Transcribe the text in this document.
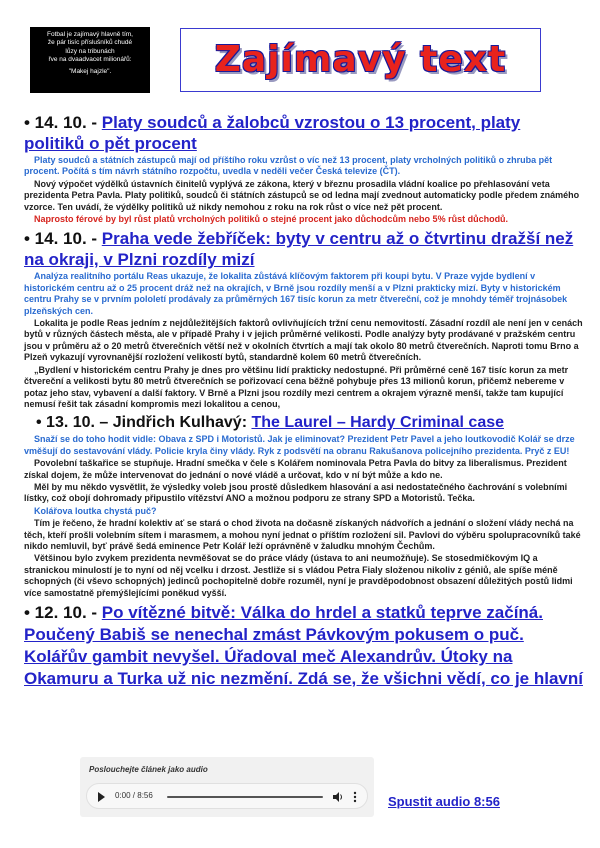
Fotbal je zajímavý hlavně tím,
že pár tisíc příslušníků chudé
lůzy na tribunách
řve na dvaadvacet milionářů:
"Makej hajzle".	Zajímavý text

• 14. 10. - Platy soudců a žalobců vzrostou o 13 procent, platy politiků o pět procent

Platy soudců a státních zástupců mají od příštího roku vzrůst o víc než 13 procent, platy vrcholných politiků o zhruba pět procent. Počítá s tím návrh státního rozpočtu, uvedla v neděli večer Česká televize (ČT).

Nový výpočet výdělků ústavních činitelů vyplývá ze zákona, který v březnu prosadila vládní koalice po přehlasování veta prezidenta Petra Pavla. Platy politiků, soudců či státních zástupců se od ledna mají zvednout automaticky podle předem známého vzorce. Ten uvádí, že výdělky politiků už nikdy nemohou z roku na rok růst o více než pět procent.

Naprosto férové by byl růst platů vrcholných politiků o stejné procent jako důchodcům nebo 5% růst důchodů.

• 14. 10. - Praha vede žebříček: byty v centru až o čtvrtinu dražší než na okraji, v Plzni rozdíly mizí

Analýza realitního portálu Reas ukazuje, že lokalita zůstává klíčovým faktorem při koupi bytu. V Praze vyjde bydlení v historickém centru až o 25 procent dráž než na okrajích, v Brně jsou rozdíly menší a v Plzni prakticky mizí. Byty v historickém centru Prahy se v prvním pololetí prodávaly za průměrných 167 tisíc korun za metr čtvereční, což je mnohdy téměř trojnásobek plzeňských cen.

Lokalita je podle Reas jedním z nejdůležitějších faktorů ovlivňujících tržní cenu nemovitostí. Zásadní rozdíl ale není jen v cenách bytů v různých částech města, ale v případě Prahy i v jejich průměrné velikosti. Podle analýzy byty prodávané v pražském centru jsou v průměru až o 20 metrů čtverečních větší než v okolních čtvrtích a mají tak okolo 80 metrů čtverečních. Naproti tomu Brno a Plzeň vykazují vyrovnanější rozložení velikostí bytů, standardně kolem 60 metrů čtverečních.

„Bydlení v historickém centru Prahy je dnes pro většinu lidí prakticky nedostupné. Při průměrné ceně 167 tisíc korun za metr čtvereční a velikosti bytu 80 metrů čtverečních se pořizovací cena běžně pohybuje přes 13 milionů korun, přičemž nebereme v potaz jeho stav, vybavení a další faktory. V Brně a Plzni jsou rozdíly mezi centrem a okrajem výrazně menší, takže tam kupující nemusí řešit tak zásadní kompromis mezi lokalitou a cenou,

• 13. 10. – Jindřich Kulhavý: The Laurel – Hardy Criminal case

Snaží se do toho hodit vidle: Obava z SPD i Motoristů. Jak je eliminovat? Prezident Petr Pavel a jeho loutkovodič Kolář se drze vměšují do sestavování vlády. Policie kryla činy vlády. Ryk z podsvětí na obranu Rakušanova policejního prezidenta. Pryč z EU!

Povolební taškařice se stupňuje. Hradní smečka v čele s Kolářem nominovala Petra Pavla do bitvy za liberalismus. Prezident získal dojem, že může intervenovat do jednání o nové vládě a určovat, kdo v ní být může a kdo ne.

Měl by mu někdo vysvětlit, že výsledky voleb jsou prostě důsledkem hlasování a asi nedostatečného čachrování s volebními lístky, což obojí dohromady připustilo vítězství ANO a možnou podporu ze strany SPD a Motoristů. Tečka.

Kolářova loutka chystá puč?

Tím je řečeno, že hradní kolektiv ať se stará o chod života na dočasně získaných nádvořích a jednání o složení vlády nechá na těch, kteří prošli volebním sítem i marasmem, a mohou nyní jednat o příštím rozložení sil. Pavlovi do výběru spolupracovníků také nikdo nemluvil, byť právě šedá eminence Petr Kolář leží oprávněně v žaludku mnohým Čechům.

Většinou bylo zvykem prezidenta nevměšovat se do práce vlády (ústava to ani neumožňuje). Se stosedmičkovým IQ a stranickou minulostí je to nyní od něj vcelku i drzost. Jestliže si s vládou Petra Fialy složenou nikoliv z géniů, ale spíše méně schopných (či vševo schopných) jedinců pochopitelně dobře rozuměl, nyní je pravděpodobnost obsazení důležitých postů lidmi více samostatně přemýšlejícími poněkud vyšší.

• 12. 10. - Po vítězné bitvě: Válka do hrdel a statků teprve začíná. Poučený Babiš se nenechal zmást Pávkovým pokusem o puč. Kolářův gambit nevyšel. Úřadoval meč Alexandrův. Útoky na Okamuru a Turka už nic nezmění. Zdá se, že všichni vědí, co je hlavní

Poslouchejte článek jako audio
0:00 / 8:56	Spustit audio 8:56
